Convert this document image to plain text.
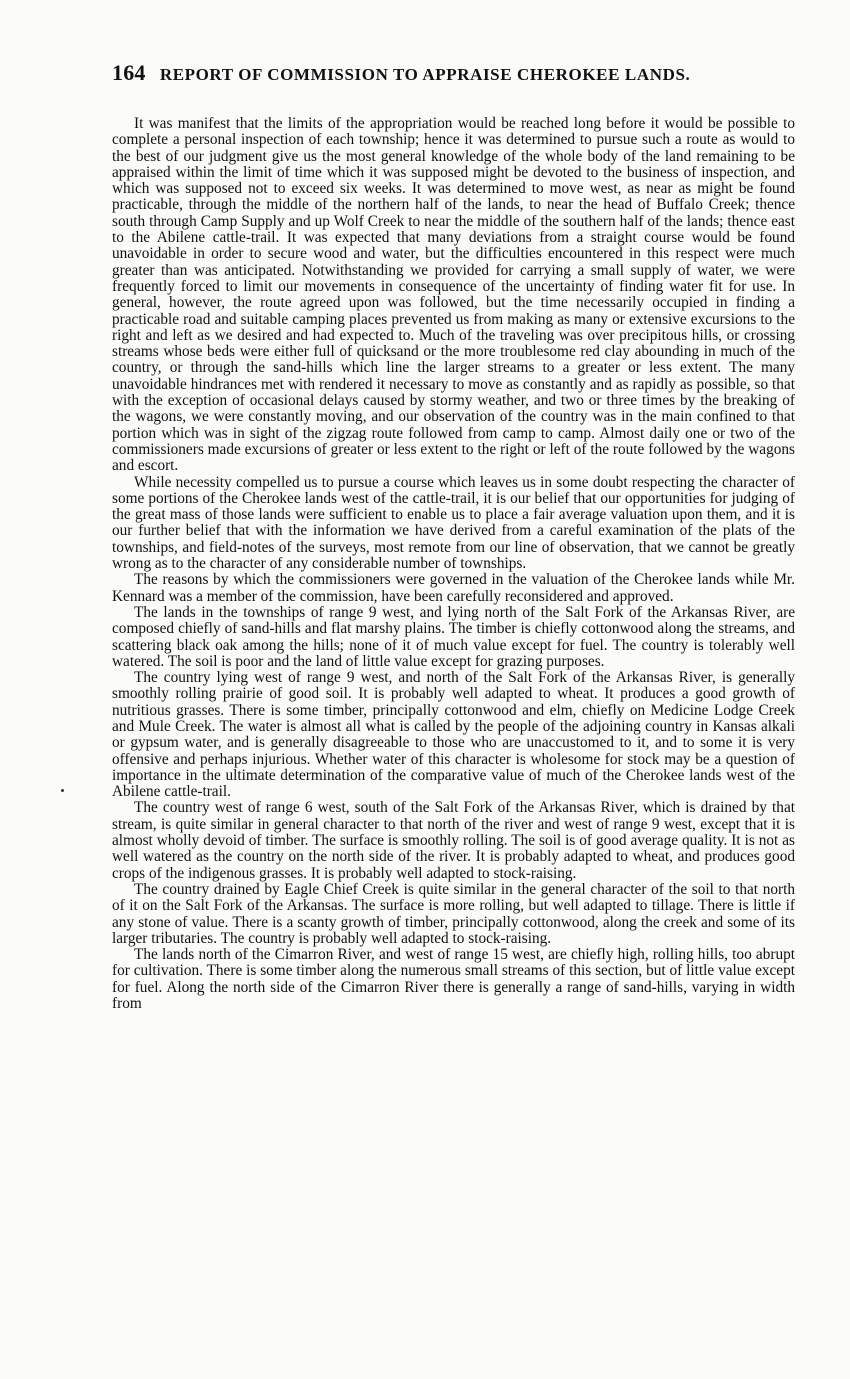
164 REPORT OF COMMISSION TO APPRAISE CHEROKEE LANDS.

It was manifest that the limits of the appropriation would be reached long before it would be possible to complete a personal inspection of each township; hence it was determined to pursue such a route as would to the best of our judgment give us the most general knowledge of the whole body of the land remaining to be appraised within the limit of time which it was supposed might be devoted to the business of inspection, and which was supposed not to exceed six weeks. It was determined to move west, as near as might be found practicable, through the middle of the northern half of the lands, to near the head of Buffalo Creek; thence south through Camp Supply and up Wolf Creek to near the middle of the southern half of the lands; thence east to the Abilene cattle-trail. It was expected that many deviations from a straight course would be found unavoidable in order to secure wood and water, but the difficulties encountered in this respect were much greater than was anticipated. Notwithstanding we provided for carrying a small supply of water, we were frequently forced to limit our movements in consequence of the uncertainty of finding water fit for use. In general, however, the route agreed upon was followed, but the time necessarily occupied in finding a practicable road and suitable camping places prevented us from making as many or extensive excursions to the right and left as we desired and had expected to. Much of the traveling was over precipitous hills, or crossing streams whose beds were either full of quicksand or the more troublesome red clay abounding in much of the country, or through the sand-hills which line the larger streams to a greater or less extent. The many unavoidable hindrances met with rendered it necessary to move as constantly and as rapidly as possible, so that with the exception of occasional delays caused by stormy weather, and two or three times by the breaking of the wagons, we were constantly moving, and our observation of the country was in the main confined to that portion which was in sight of the zigzag route followed from camp to camp. Almost daily one or two of the commissioners made excursions of greater or less extent to the right or left of the route followed by the wagons and escort.

While necessity compelled us to pursue a course which leaves us in some doubt respecting the character of some portions of the Cherokee lands west of the cattle-trail, it is our belief that our opportunities for judging of the great mass of those lands were sufficient to enable us to place a fair average valuation upon them, and it is our further belief that with the information we have derived from a careful examination of the plats of the townships, and field-notes of the surveys, most remote from our line of observation, that we cannot be greatly wrong as to the character of any considerable number of townships.

The reasons by which the commissioners were governed in the valuation of the Cherokee lands while Mr. Kennard was a member of the commission, have been carefully reconsidered and approved.

The lands in the townships of range 9 west, and lying north of the Salt Fork of the Arkansas River, are composed chiefly of sand-hills and flat marshy plains. The timber is chiefly cottonwood along the streams, and scattering black oak among the hills; none of it of much value except for fuel. The country is tolerably well watered. The soil is poor and the land of little value except for grazing purposes.

The country lying west of range 9 west, and north of the Salt Fork of the Arkansas River, is generally smoothly rolling prairie of good soil. It is probably well adapted to wheat. It produces a good growth of nutritious grasses. There is some timber, principally cottonwood and elm, chiefly on Medicine Lodge Creek and Mule Creek. The water is almost all what is called by the people of the adjoining country in Kansas alkali or gypsum water, and is generally disagreeable to those who are unaccustomed to it, and to some it is very offensive and perhaps injurious. Whether water of this character is wholesome for stock may be a question of importance in the ultimate determination of the comparative value of much of the Cherokee lands west of the Abilene cattle-trail.

The country west of range 6 west, south of the Salt Fork of the Arkansas River, which is drained by that stream, is quite similar in general character to that north of the river and west of range 9 west, except that it is almost wholly devoid of timber. The surface is smoothly rolling. The soil is of good average quality. It is not as well watered as the country on the north side of the river. It is probably adapted to wheat, and produces good crops of the indigenous grasses. It is probably well adapted to stock-raising.

The country drained by Eagle Chief Creek is quite similar in the general character of the soil to that north of it on the Salt Fork of the Arkansas. The surface is more rolling, but well adapted to tillage. There is little if any stone of value. There is a scanty growth of timber, principally cottonwood, along the creek and some of its larger tributaries. The country is probably well adapted to stock-raising.

The lands north of the Cimarron River, and west of range 15 west, are chiefly high, rolling hills, too abrupt for cultivation. There is some timber along the numerous small streams of this section, but of little value except for fuel. Along the north side of the Cimarron River there is generally a range of sand-hills, varying in width from
